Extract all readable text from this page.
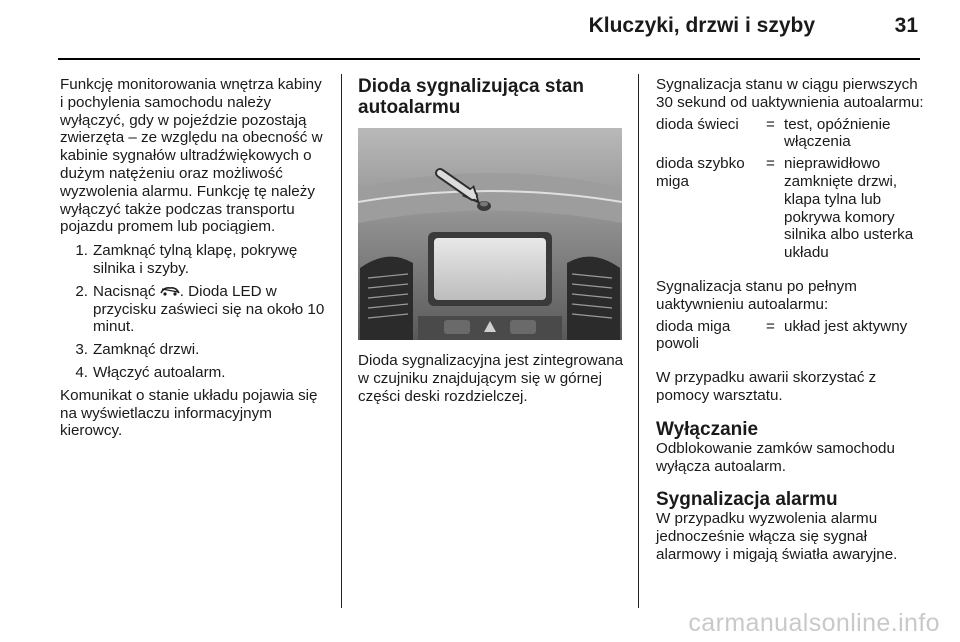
Kluczyki, drzwi i szyby	31

Funkcję monitorowania wnętrza kabiny i pochylenia samochodu należy wyłączyć, gdy w pojeździe pozostają zwierzęta – ze względu na obecność w kabinie sygnałów ultradźwiękowych o dużym natężeniu oraz możliwość wyzwolenia alarmu. Funkcję tę należy wyłączyć także podczas transportu pojazdu promem lub pociągiem.

1. Zamknąć tylną klapę, pokrywę silnika i szyby.
2. Nacisnąć . Dioda LED w przycisku zaświeci się na około 10 minut.
3. Zamknąć drzwi.
4. Włączyć autoalarm.

Komunikat o stanie układu pojawia się na wyświetlaczu informacyjnym kierowcy.

Dioda sygnalizująca stan autoalarmu

Dioda sygnalizacyjna jest zintegrowana w czujniku znajdującym się w górnej części deski rozdzielczej.

Sygnalizacja stanu w ciągu pierwszych 30 sekund od uaktywnienia autoalarmu:

dioda świeci	= test, opóźnienie włączenia
dioda szybko miga
= nieprawidłowo zamknięte drzwi, klapa tylna lub pokrywa komory silnika albo usterka układu

Sygnalizacja stanu po pełnym uaktywnieniu autoalarmu:

dioda miga powoli
= układ jest aktywny

W przypadku awarii skorzystać z pomocy warsztatu.

Wyłączanie

Odblokowanie zamków samochodu wyłącza autoalarm.

Sygnalizacja alarmu

W przypadku wyzwolenia alarmu jednocześnie włącza się sygnał alarmowy i migają światła awaryjne.

carmanualsonline.info
